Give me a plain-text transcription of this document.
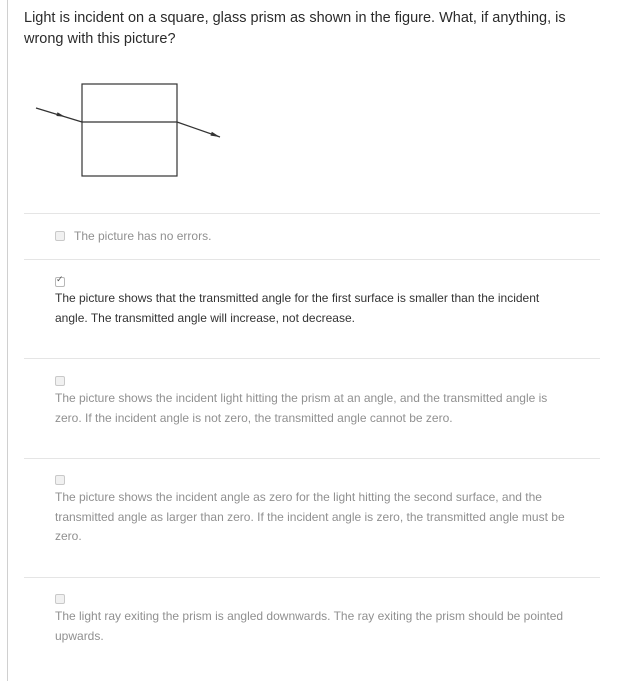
Light is incident on a square, glass prism as shown in the figure. What, if anything, is wrong with this picture?

The picture has no errors.

✓

The picture shows that the transmitted angle for the first surface is smaller than the incident angle. The transmitted angle will increase, not decrease.

The picture shows the incident light hitting the prism at an angle, and the transmitted angle is zero. If the incident angle is not zero, the transmitted angle cannot be zero.

The picture shows the incident angle as zero for the light hitting the second surface, and the transmitted angle as larger than zero. If the incident angle is zero, the transmitted angle must be zero.

The light ray exiting the prism is angled downwards. The ray exiting the prism should be pointed upwards.
